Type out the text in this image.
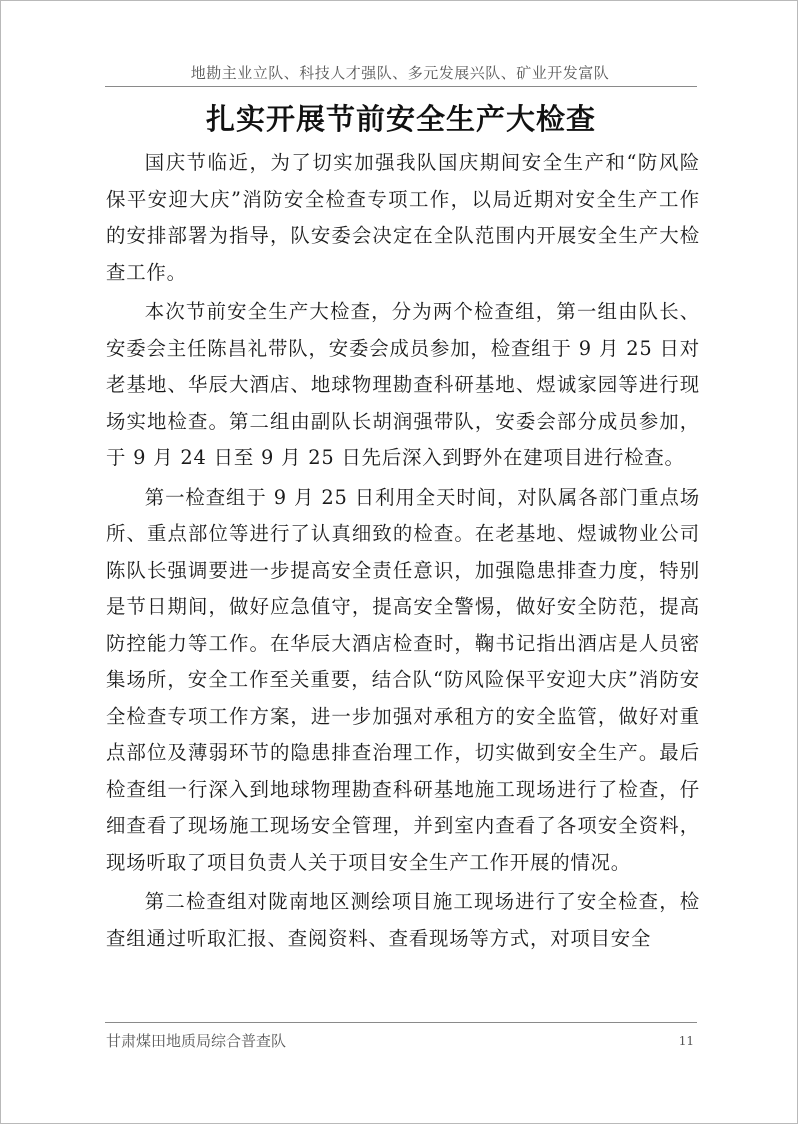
地勘主业立队、科技人才强队、多元发展兴队、矿业开发富队
扎实开展节前安全生产大检查

国庆节临近，为了切实加强我队国庆期间安全生产和“防风险保平安迎大庆”消防安全检查专项工作，以局近期对安全生产工作的安排部署为指导，队安委会决定在全队范围内开展安全生产大检查工作。

本次节前安全生产大检查，分为两个检查组，第一组由队长、安委会主任陈昌礼带队，安委会成员参加，检查组于 9 月 25 日对老基地、华辰大酒店、地球物理勘查科研基地、煜诚家园等进行现场实地检查。第二组由副队长胡润强带队，安委会部分成员参加，于 9 月 24 日至 9 月 25 日先后深入到野外在建项目进行检查。

第一检查组于 9 月 25 日利用全天时间，对队属各部门重点场所、重点部位等进行了认真细致的检查。在老基地、煜诚物业公司陈队长强调要进一步提高安全责任意识，加强隐患排查力度，特别是节日期间，做好应急值守，提高安全警惕，做好安全防范，提高防控能力等工作。在华辰大酒店检查时，鞠书记指出酒店是人员密集场所，安全工作至关重要，结合队“防风险保平安迎大庆”消防安全检查专项工作方案，进一步加强对承租方的安全监管，做好对重点部位及薄弱环节的隐患排查治理工作，切实做到安全生产。最后检查组一行深入到地球物理勘查科研基地施工现场进行了检查，仔细查看了现场施工现场安全管理，并到室内查看了各项安全资料，现场听取了项目负责人关于项目安全生产工作开展的情况。

第二检查组对陇南地区测绘项目施工现场进行了安全检查，检查组通过听取汇报、查阅资料、查看现场等方式，对项目安全

甘肃煤田地质局综合普查队	11
